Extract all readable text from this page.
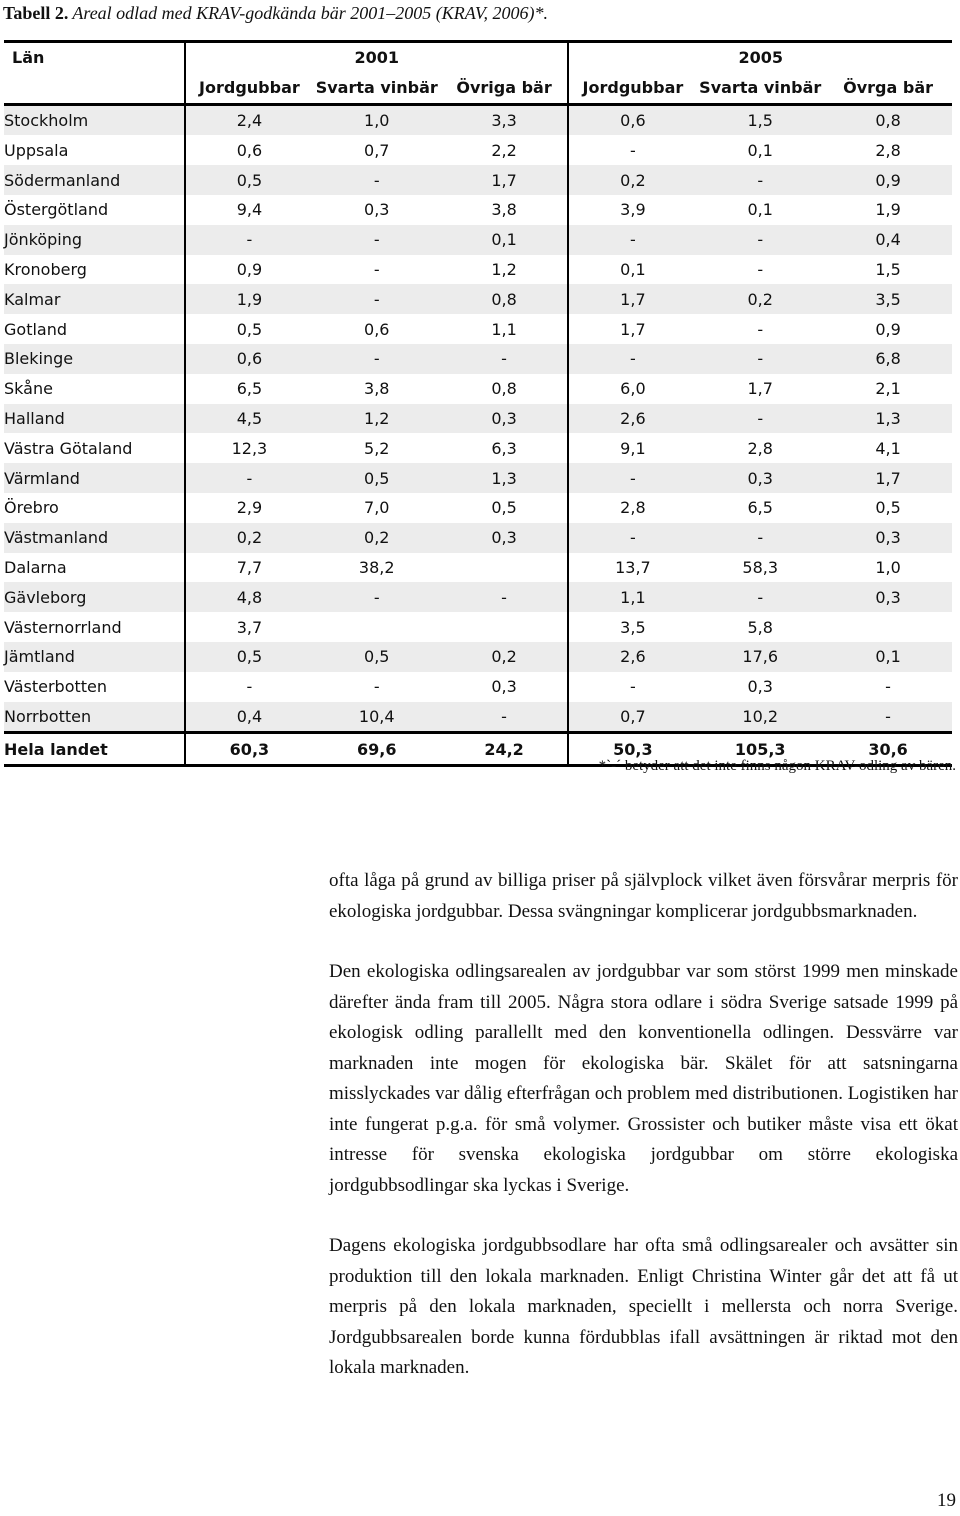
Tabell 2. Areal odlad med KRAV-godkända bär 2001–2005 (KRAV, 2006)*.
Län	2001			2005		
	Jordgubbar	Svarta vinbär	Övriga bär	Jordgubbar	Svarta vinbär	Övrga bär
Stockholm	2,4	1,0	3,3	0,6	1,5	0,8
Uppsala	0,6	0,7	2,2	-	0,1	2,8
Södermanland	0,5	-	1,7	0,2	-	0,9
Östergötland	9,4	0,3	3,8	3,9	0,1	1,9
Jönköping	-	-	0,1	-	-	0,4
Kronoberg	0,9	-	1,2	0,1	-	1,5
Kalmar	1,9	-	0,8	1,7	0,2	3,5
Gotland	0,5	0,6	1,1	1,7	-	0,9
Blekinge	0,6	-	-	-	-	6,8
Skåne	6,5	3,8	0,8	6,0	1,7	2,1
Halland	4,5	1,2	0,3	2,6	-	1,3
Västra Götaland	12,3	5,2	6,3	9,1	2,8	4,1
Värmland	-	0,5	1,3	-	0,3	1,7
Örebro	2,9	7,0	0,5	2,8	6,5	0,5
Västmanland	0,2	0,2	0,3	-	-	0,3
Dalarna	7,7	38,2		13,7	58,3	1,0
Gävleborg	4,8	-	-	1,1	-	0,3
Västernorrland	3,7			3,5	5,8	
Jämtland	0,5	0,5	0,2	2,6	17,6	0,1
Västerbotten	-	-	0,3	-	0,3	-
Norrbotten	0,4	10,4	-	0,7	10,2	-
Hela landet	60,3	69,6	24,2	50,3	105,3	30,6
*`-´ betyder att det inte finns någon KRAV-odling av bären.

ofta låga på grund av billiga priser på självplock vilket även försvårar merpris för ekologiska jordgubbar. Dessa svängningar komplicerar jordgubbsmarknaden.

Den ekologiska odlingsarealen av jordgubbar var som störst 1999 men minskade därefter ända fram till 2005. Några stora odlare i södra Sverige satsade 1999 på ekologisk odling parallellt med den konventionella odlingen. Dessvärre var marknaden inte mogen för ekologiska bär. Skälet för att satsningarna misslyckades var dålig efterfrågan och problem med distributionen. Logistiken har inte fungerat p.g.a. för små volymer. Grossister och butiker måste visa ett ökat intresse för svenska ekologiska jordgubbar om större ekologiska jordgubbsodlingar ska lyckas i Sverige.

Dagens ekologiska jordgubbsodlare har ofta små odlingsarealer och avsätter sin produktion till den lokala marknaden. Enligt Christina Winter går det att få ut merpris på den lokala marknaden, speciellt i mellersta och norra Sverige. Jordgubbsarealen borde kunna fördubblas ifall avsättningen är riktad mot den lokala marknaden.

19
